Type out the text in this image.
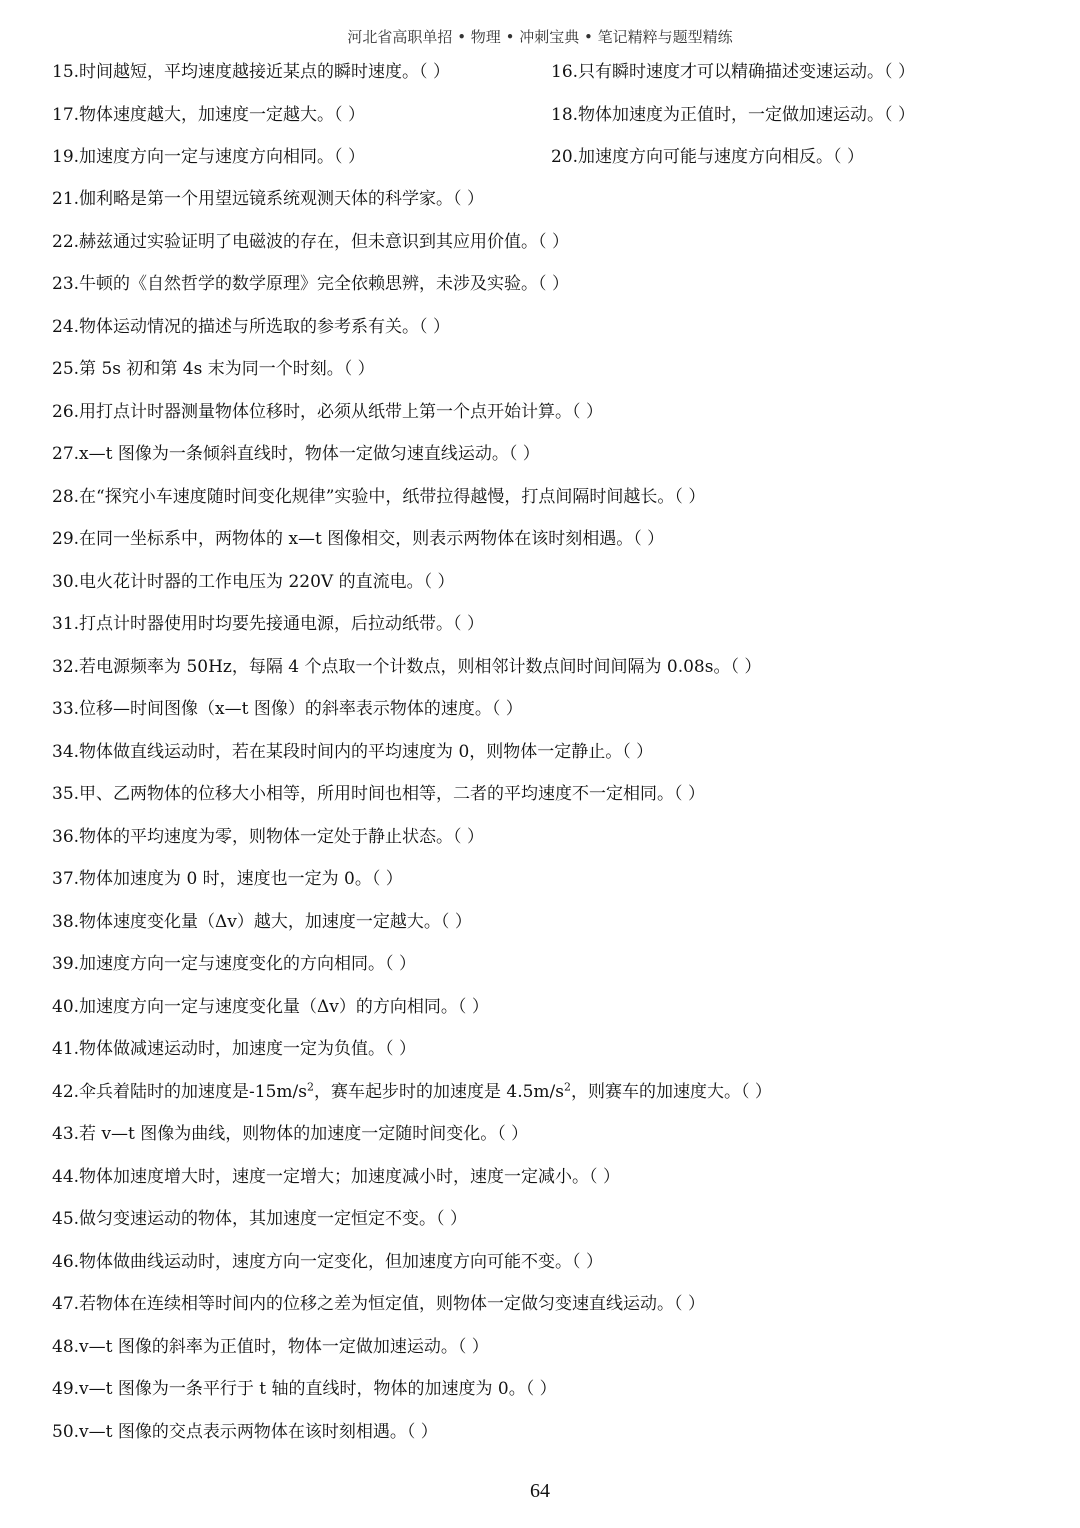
河北省高职单招 • 物理 • 冲刺宝典 • 笔记精粹与题型精练
15.时间越短，平均速度越接近某点的瞬时速度。（ ）	16.只有瞬时速度才可以精确描述变速运动。（ ）
17.物体速度越大，加速度一定越大。（ ）	18.物体加速度为正值时，一定做加速运动。（ ）
19.加速度方向一定与速度方向相同。（ ）	20.加速度方向可能与速度方向相反。（ ）
21.伽利略是第一个用望远镜系统观测天体的科学家。（ ）
22.赫兹通过实验证明了电磁波的存在，但未意识到其应用价值。（ ）
23.牛顿的《自然哲学的数学原理》完全依赖思辨，未涉及实验。（ ）
24.物体运动情况的描述与所选取的参考系有关。（ ）
25.第 5s 初和第 4s 末为同一个时刻。（ ）
26.用打点计时器测量物体位移时，必须从纸带上第一个点开始计算。（ ）
27.x—t 图像为一条倾斜直线时，物体一定做匀速直线运动。（ ）
28.在“探究小车速度随时间变化规律”实验中，纸带拉得越慢，打点间隔时间越长。（ ）
29.在同一坐标系中，两物体的 x—t 图像相交，则表示两物体在该时刻相遇。（ ）
30.电火花计时器的工作电压为 220V 的直流电。（ ）
31.打点计时器使用时均要先接通电源，后拉动纸带。（ ）
32.若电源频率为 50Hz，每隔 4 个点取一个计数点，则相邻计数点间时间间隔为 0.08s。（ ）
33.位移—时间图像（x—t 图像）的斜率表示物体的速度。（ ）
34.物体做直线运动时，若在某段时间内的平均速度为 0，则物体一定静止。（ ）
35.甲、乙两物体的位移大小相等，所用时间也相等，二者的平均速度不一定相同。（ ）
36.物体的平均速度为零，则物体一定处于静止状态。（ ）
37.物体加速度为 0 时，速度也一定为 0。（ ）
38.物体速度变化量（Δv）越大，加速度一定越大。（ ）
39.加速度方向一定与速度变化的方向相同。（ ）
40.加速度方向一定与速度变化量（Δv）的方向相同。（ ）
41.物体做减速运动时，加速度一定为负值。（ ）
42.伞兵着陆时的加速度是$-15m/s^2$，赛车起步时的加速度是 $4.5m/s^2$，则赛车的加速度大。（ ）
43.若 v—t 图像为曲线，则物体的加速度一定随时间变化。（ ）
44.物体加速度增大时，速度一定增大；加速度减小时，速度一定减小。（ ）
45.做匀变速运动的物体，其加速度一定恒定不变。（ ）
46.物体做曲线运动时，速度方向一定变化，但加速度方向可能不变。（ ）
47.若物体在连续相等时间内的位移之差为恒定值，则物体一定做匀变速直线运动。（ ）
48.v—t 图像的斜率为正值时，物体一定做加速运动。（ ）
49.v—t 图像为一条平行于 t 轴的直线时，物体的加速度为 0。（ ）
50.v—t 图像的交点表示两物体在该时刻相遇。（ ）
64
